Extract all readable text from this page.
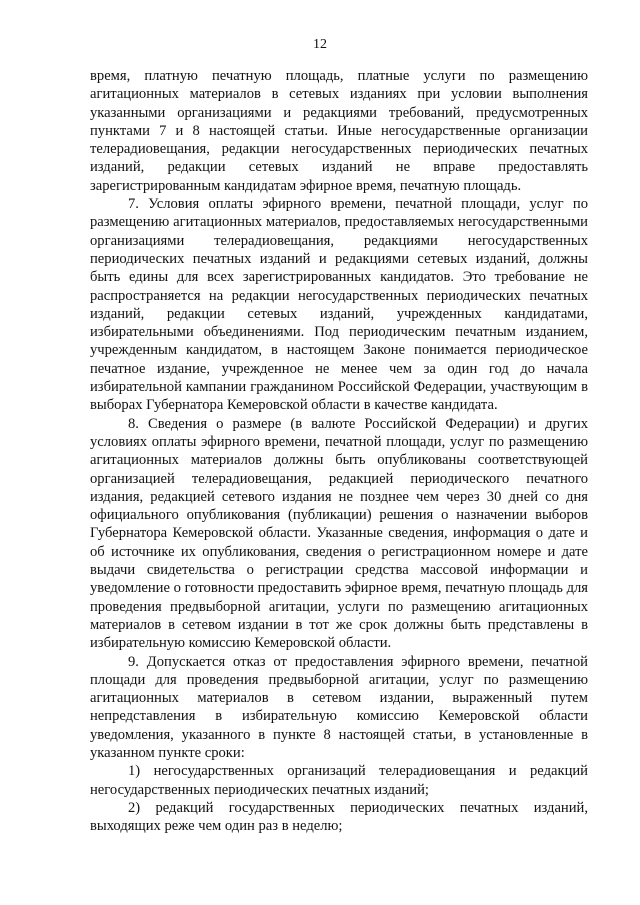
12

время, платную печатную площадь, платные услуги по размещению агитационных материалов в сетевых изданиях при условии выполнения указанными организациями и редакциями требований, предусмотренных пунктами 7 и 8 настоящей статьи. Иные негосударственные организации телерадиовещания, редакции негосударственных периодических печатных изданий, редакции сетевых изданий не вправе предоставлять зарегистрированным кандидатам эфирное время, печатную площадь.

7. Условия оплаты эфирного времени, печатной площади, услуг по размещению агитационных материалов, предоставляемых негосударственными организациями телерадиовещания, редакциями негосударственных периодических печатных изданий и редакциями сетевых изданий, должны быть едины для всех зарегистрированных кандидатов. Это требование не распространяется на редакции негосударственных периодических печатных изданий, редакции сетевых изданий, учрежденных кандидатами, избирательными объединениями. Под периодическим печатным изданием, учрежденным кандидатом, в настоящем Законе понимается периодическое печатное издание, учрежденное не менее чем за один год до начала избирательной кампании гражданином Российской Федерации, участвующим в выборах Губернатора Кемеровской области в качестве кандидата.

8. Сведения о размере (в валюте Российской Федерации) и других условиях оплаты эфирного времени, печатной площади, услуг по размещению агитационных материалов должны быть опубликованы соответствующей организацией телерадиовещания, редакцией периодического печатного издания, редакцией сетевого издания не позднее чем через 30 дней со дня официального опубликования (публикации) решения о назначении выборов Губернатора Кемеровской области. Указанные сведения, информация о дате и об источнике их опубликования, сведения о регистрационном номере и дате выдачи свидетельства о регистрации средства массовой информации и уведомление о готовности предоставить эфирное время, печатную площадь для проведения предвыборной агитации, услуги по размещению агитационных материалов в сетевом издании в тот же срок должны быть представлены в избирательную комиссию Кемеровской области.

9. Допускается отказ от предоставления эфирного времени, печатной площади для проведения предвыборной агитации, услуг по размещению агитационных материалов в сетевом издании, выраженный путем непредставления в избирательную комиссию Кемеровской области уведомления, указанного в пункте 8 настоящей статьи, в установленные в указанном пункте сроки:

1) негосударственных организаций телерадиовещания и редакций негосударственных периодических печатных изданий;

2) редакций государственных периодических печатных изданий, выходящих реже чем один раз в неделю;
